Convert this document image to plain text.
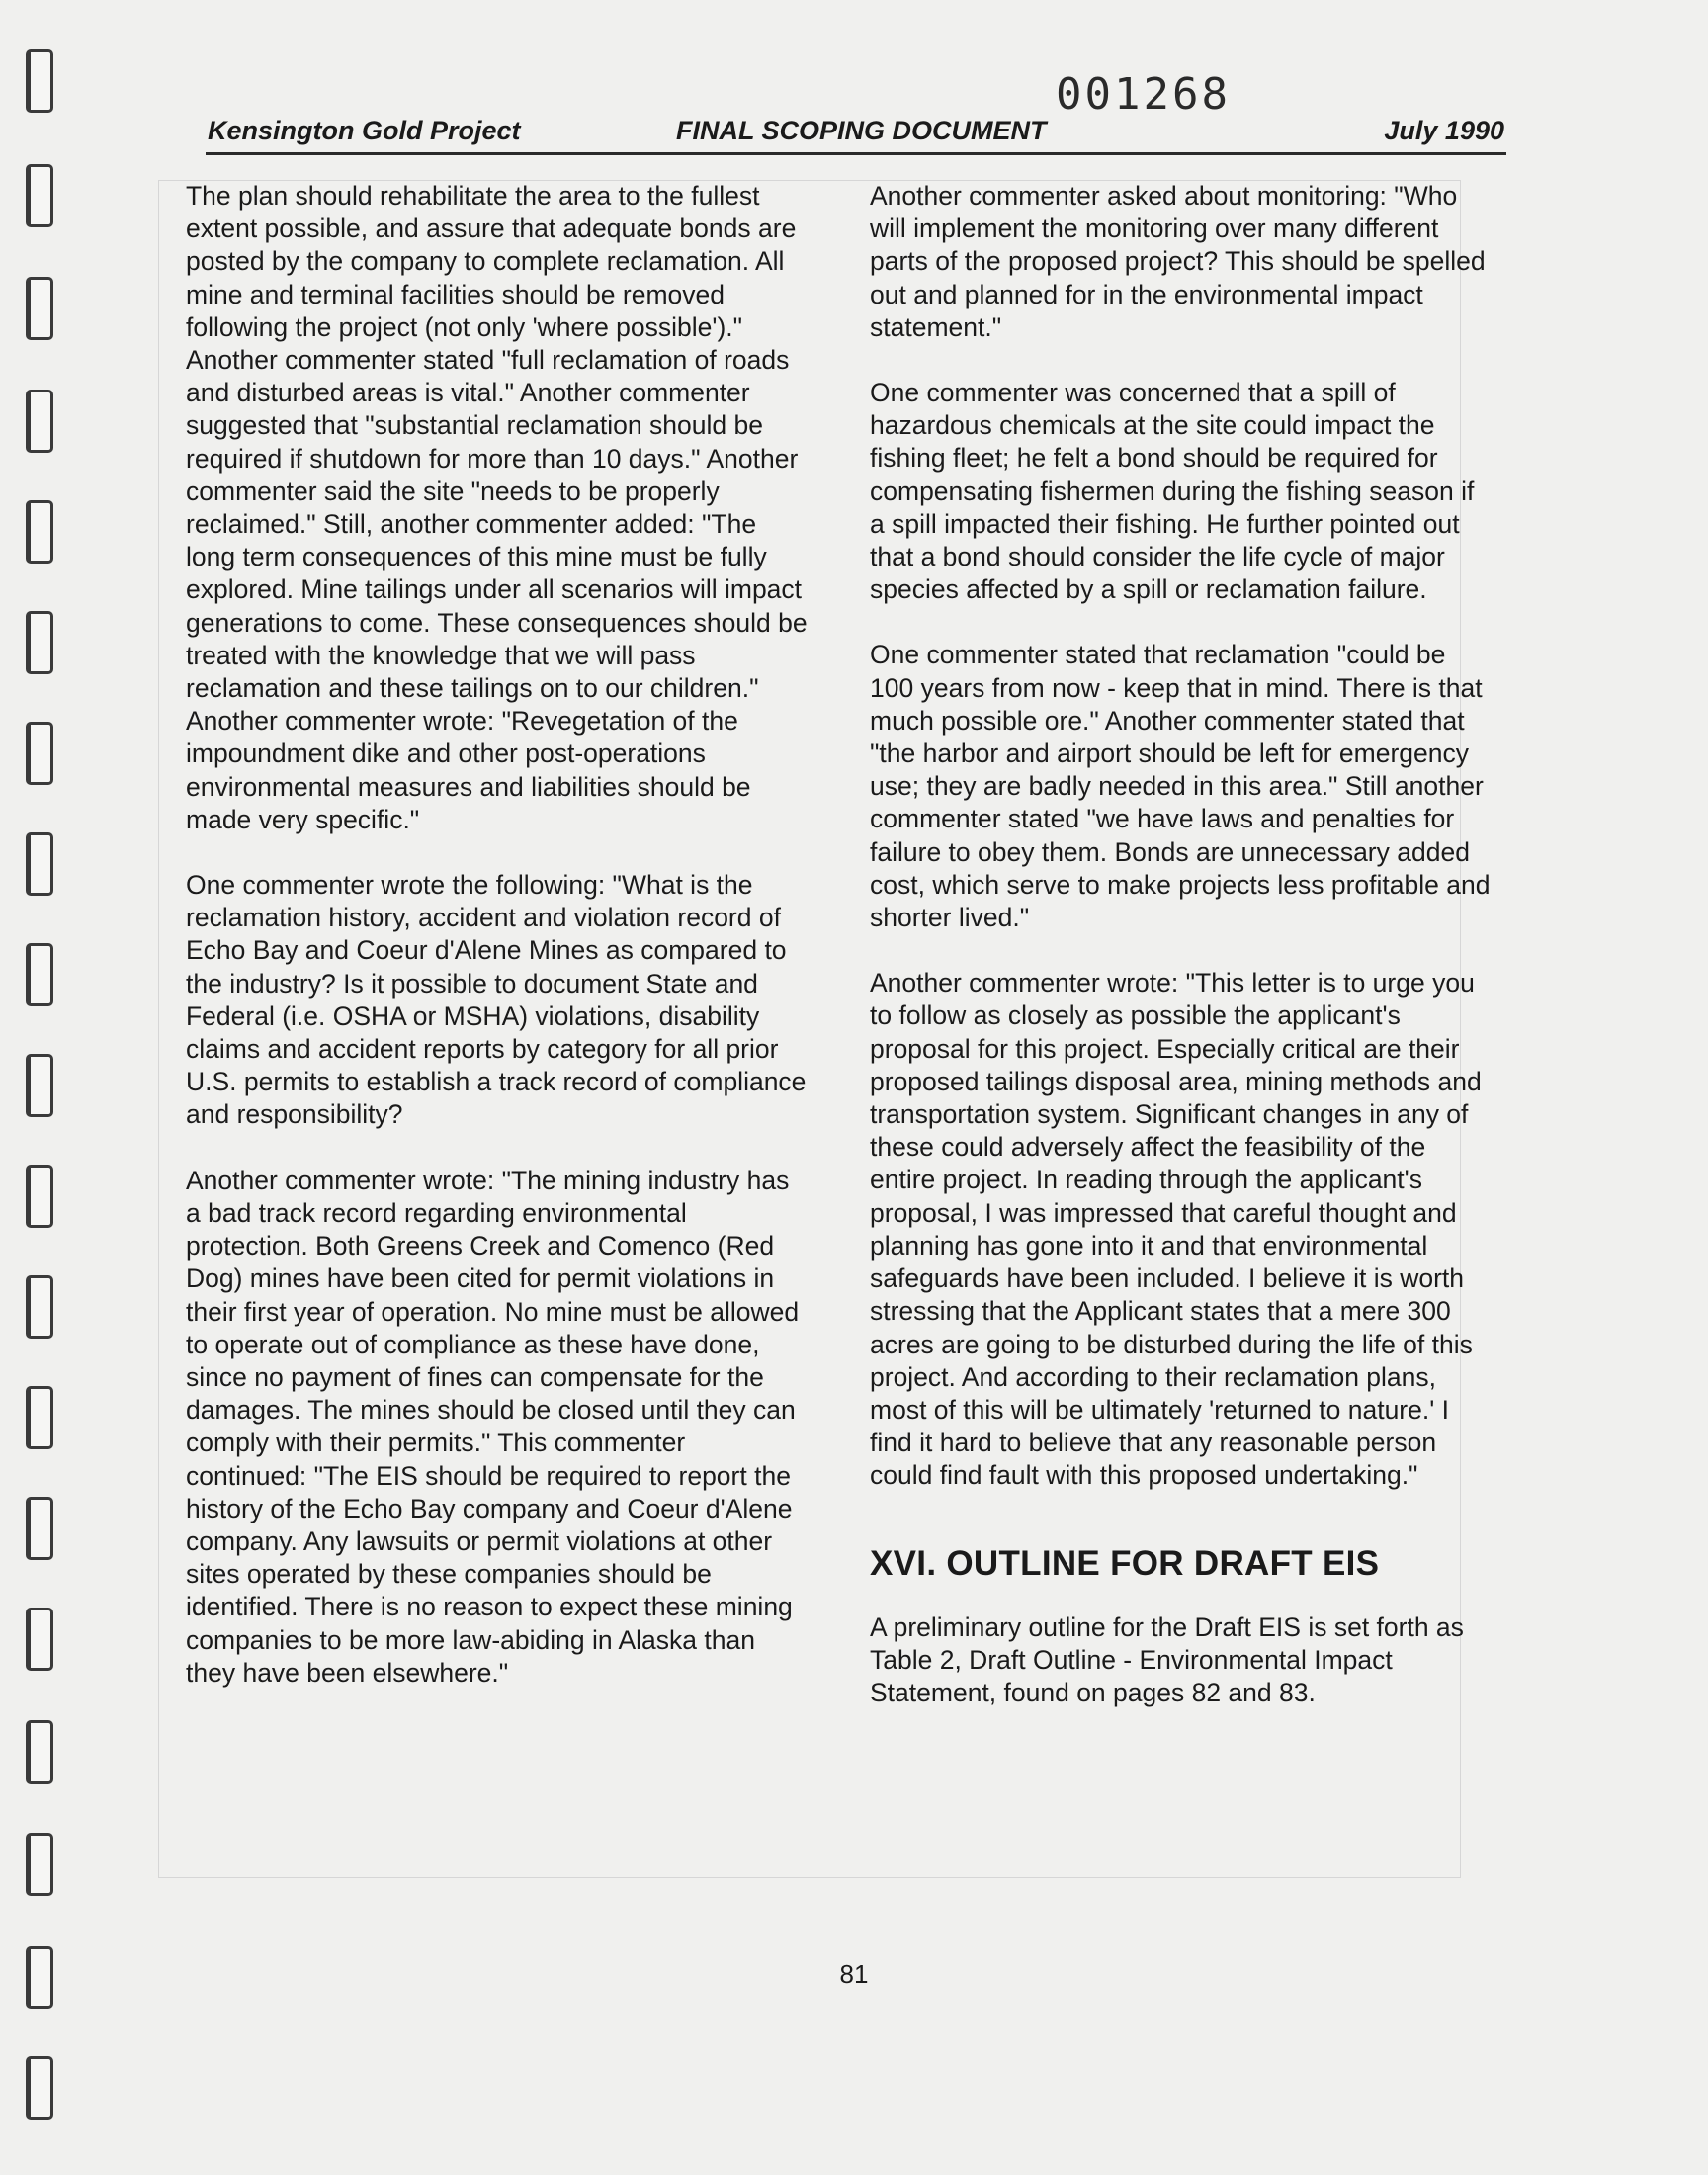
001268
Kensington Gold Project	FINAL SCOPING DOCUMENT	July 1990

The plan should rehabilitate the area to the fullest extent possible, and assure that adequate bonds are posted by the company to complete reclamation. All mine and terminal facilities should be removed following the project (not only 'where possible')." Another commenter stated "full reclamation of roads and disturbed areas is vital." Another commenter suggested that "substantial reclamation should be required if shutdown for more than 10 days." Another commenter said the site "needs to be properly reclaimed." Still, another commenter added: "The long term consequences of this mine must be fully explored. Mine tailings under all scenarios will impact generations to come. These consequences should be treated with the knowledge that we will pass reclamation and these tailings on to our children." Another commenter wrote: "Revegetation of the impoundment dike and other post-operations environmental measures and liabilities should be made very specific."

One commenter wrote the following: "What is the reclamation history, accident and violation record of Echo Bay and Coeur d'Alene Mines as compared to the industry? Is it possible to document State and Federal (i.e. OSHA or MSHA) violations, disability claims and accident reports by category for all prior U.S. permits to establish a track record of compliance and responsibility?

Another commenter wrote: "The mining industry has a bad track record regarding environmental protection. Both Greens Creek and Comenco (Red Dog) mines have been cited for permit violations in their first year of operation. No mine must be allowed to operate out of compliance as these have done, since no payment of fines can compensate for the damages. The mines should be closed until they can comply with their permits." This commenter continued: "The EIS should be required to report the history of the Echo Bay company and Coeur d'Alene company. Any lawsuits or permit violations at other sites operated by these companies should be identified. There is no reason to expect these mining companies to be more law-abiding in Alaska than they have been elsewhere."

Another commenter asked about monitoring: "Who will implement the monitoring over many different parts of the proposed project? This should be spelled out and planned for in the environmental impact statement."

One commenter was concerned that a spill of hazardous chemicals at the site could impact the fishing fleet; he felt a bond should be required for compensating fishermen during the fishing season if a spill impacted their fishing. He further pointed out that a bond should consider the life cycle of major species affected by a spill or reclamation failure.

One commenter stated that reclamation "could be 100 years from now - keep that in mind. There is that much possible ore." Another commenter stated that "the harbor and airport should be left for emergency use; they are badly needed in this area." Still another commenter stated "we have laws and penalties for failure to obey them. Bonds are unnecessary added cost, which serve to make projects less profitable and shorter lived."

Another commenter wrote: "This letter is to urge you to follow as closely as possible the applicant's proposal for this project. Especially critical are their proposed tailings disposal area, mining methods and transportation system. Significant changes in any of these could adversely affect the feasibility of the entire project. In reading through the applicant's proposal, I was impressed that careful thought and planning has gone into it and that environmental safeguards have been included. I believe it is worth stressing that the Applicant states that a mere 300 acres are going to be disturbed during the life of this project. And according to their reclamation plans, most of this will be ultimately 'returned to nature.' I find it hard to believe that any reasonable person could find fault with this proposed undertaking."

XVI. OUTLINE FOR DRAFT EIS

A preliminary outline for the Draft EIS is set forth as Table 2, Draft Outline - Environmental Impact Statement, found on pages 82 and 83.

81
